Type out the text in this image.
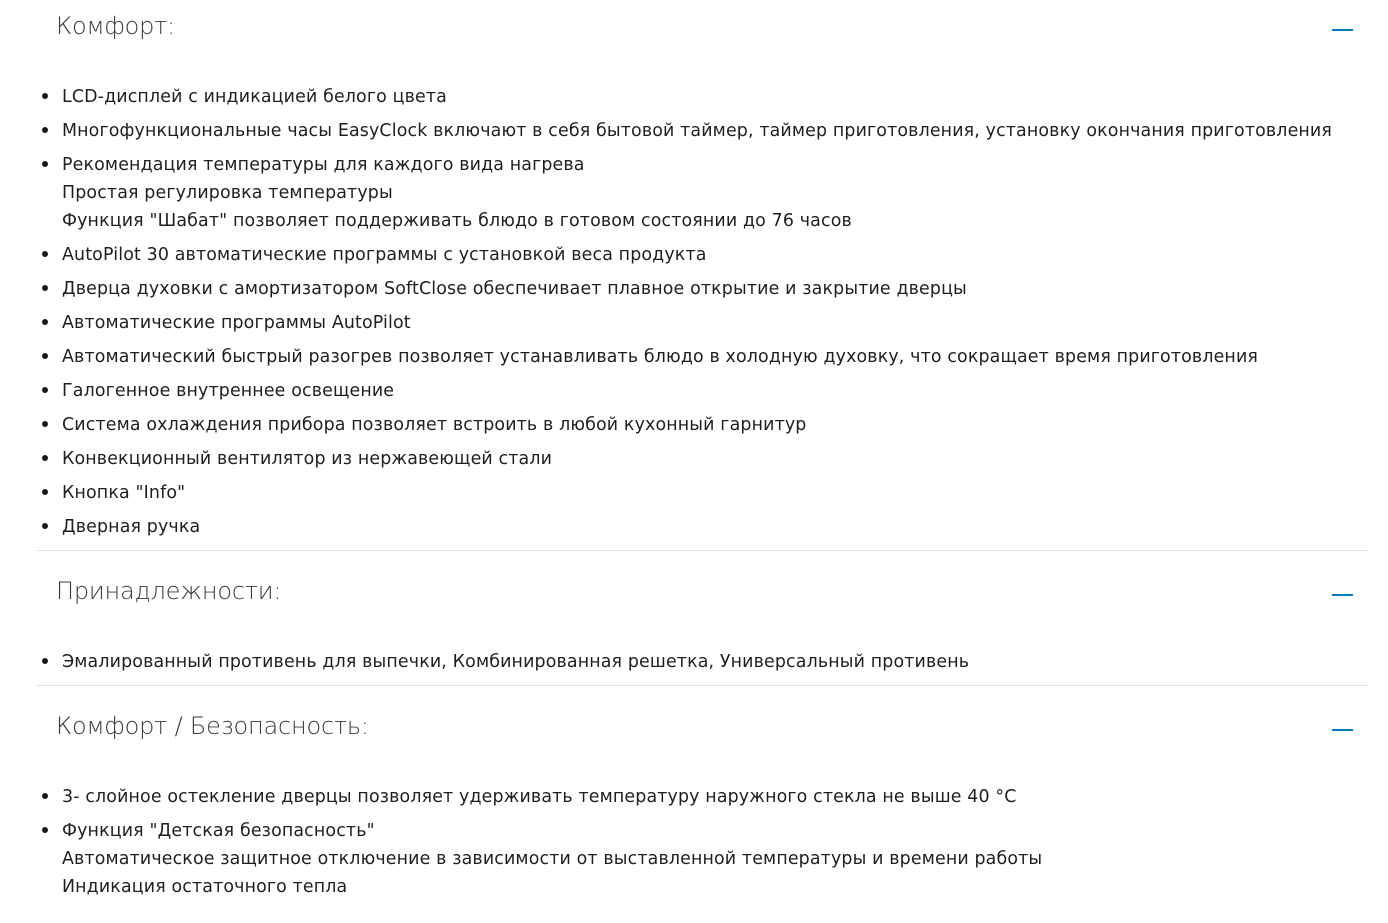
Комфорт:
LCD-дисплей с индикацией белого цвета
Многофункциональные часы EasyClock включают в себя бытовой таймер, таймер приготовления, установку окончания приготовления
Рекомендация температуры для каждого вида нагрева
Простая регулировка температуры
Функция "Шабат" позволяет поддерживать блюдо в готовом состоянии до 76 часов
AutoPilot 30 автоматические программы с установкой веса продукта
Дверца духовки с амортизатором SoftClose обеспечивает плавное открытие и закрытие дверцы
Автоматические программы AutoPilot
Автоматический быстрый разогрев позволяет устанавливать блюдо в холодную духовку, что сокращает время приготовления
Галогенное внутреннее освещение
Система охлаждения прибора позволяет встроить в любой кухонный гарнитур
Конвекционный вентилятор из нержавеющей стали
Кнопка "Info"
Дверная ручка
Принадлежности:
Эмалированный противень для выпечки, Комбинированная решетка, Универсальный противень
Комфорт / Безопасность:
3- слойное остекление дверцы позволяет удерживать температуру наружного стекла не выше 40 °C
Функция "Детская безопасность"
Автоматическое защитное отключение в зависимости от выставленной температуры и времени работы
Индикация остаточного тепла
